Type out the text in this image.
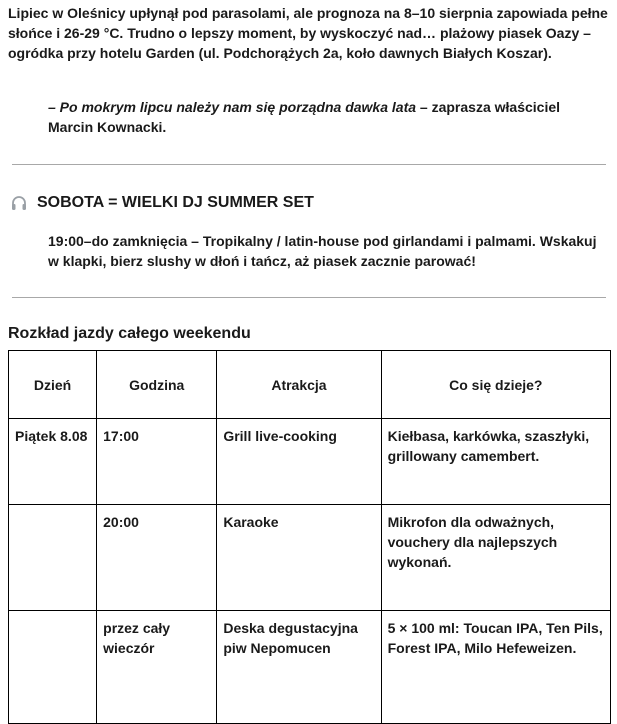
Lipiec w Oleśnicy upłynął pod parasolami, ale prognoza na 8–10 sierpnia zapowiada pełne słońce i 26-29 °C. Trudno o lepszy moment, by wyskoczyć nad… plażowy piasek Oazy – ogródka przy hotelu Garden (ul. Podchorążych 2a, koło dawnych Białych Koszar).

– Po mokrym lipcu należy nam się porządna dawka lata – zaprasza właściciel Marcin Kownacki.

SOBOTA = WIELKI DJ SUMMER SET

19:00–do zamknięcia – Tropikalny / latin-house pod girlandami i palmami. Wskakuj w klapki, bierz slushy w dłoń i tańcz, aż piasek zacznie parować!

Rozkład jazdy całego weekendu
Dzień	Godzina	Atrakcja	Co się dzieje?
Piątek 8.08	17:00	Grill live-cooking	Kiełbasa, karkówka, szaszłyki, grillowany camembert.
	20:00	Karaoke	Mikrofon dla odważnych, vouchery dla najlepszych wykonań.
	przez cały wieczór	Deska degustacyjna piw Nepomucen	5 × 100 ml: Toucan IPA, Ten Pils, Forest IPA, Milo Hefeweizen.
